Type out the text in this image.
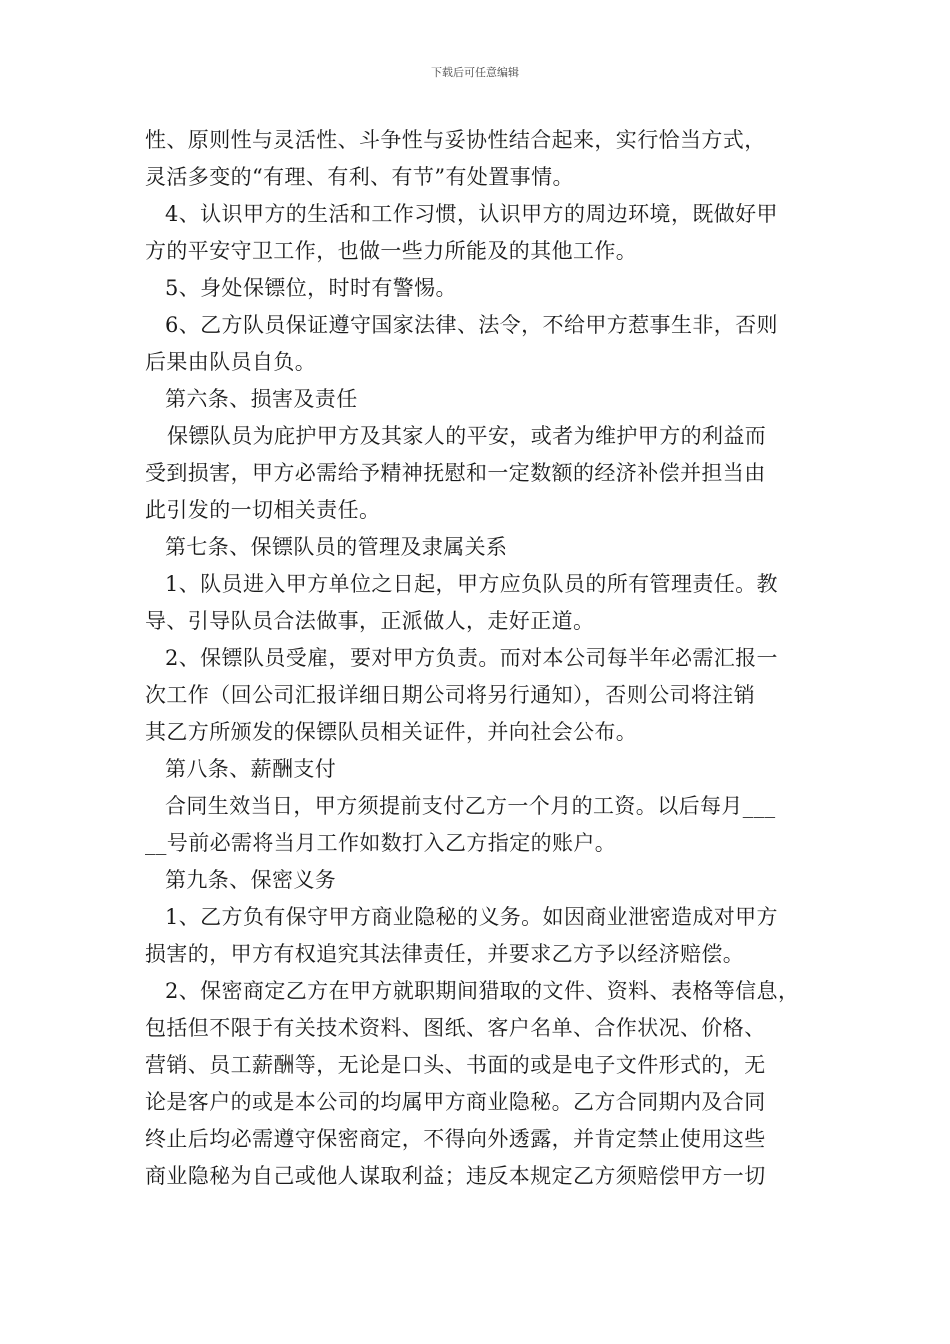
下载后可任意编辑
性、原则性与灵活性、斗争性与妥协性结合起来，实行恰当方式，
灵活多变的“有理、有利、有节”有处置事情。
4、认识甲方的生活和工作习惯，认识甲方的周边环境，既做好甲
方的平安守卫工作，也做一些力所能及的其他工作。
5、身处保镖位，时时有警惕。
6、乙方队员保证遵守国家法律、法令，不给甲方惹事生非，否则
后果由队员自负。
第六条、损害及责任
保镖队员为庇护甲方及其家人的平安，或者为维护甲方的利益而
受到损害，甲方必需给予精神抚慰和一定数额的经济补偿并担当由
此引发的一切相关责任。
第七条、保镖队员的管理及隶属关系
1、队员进入甲方单位之日起，甲方应负队员的所有管理责任。教
导、引导队员合法做事，正派做人，走好正道。
2、保镖队员受雇，要对甲方负责。而对本公司每半年必需汇报一
次工作（回公司汇报详细日期公司将另行通知），否则公司将注销
其乙方所颁发的保镖队员相关证件，并向社会公布。
第八条、薪酬支付
合同生效当日，甲方须提前支付乙方一个月的工资。以后每月___
__号前必需将当月工作如数打入乙方指定的账户。
第九条、保密义务
1、乙方负有保守甲方商业隐秘的义务。如因商业泄密造成对甲方
损害的，甲方有权追究其法律责任，并要求乙方予以经济赔偿。
2、保密商定乙方在甲方就职期间猎取的文件、资料、表格等信息，
包括但不限于有关技术资料、图纸、客户名单、合作状况、价格、
营销、员工薪酬等，无论是口头、书面的或是电子文件形式的，无
论是客户的或是本公司的均属甲方商业隐秘。乙方合同期内及合同
终止后均必需遵守保密商定，不得向外透露，并肯定禁止使用这些
商业隐秘为自己或他人谋取利益；违反本规定乙方须赔偿甲方一切
